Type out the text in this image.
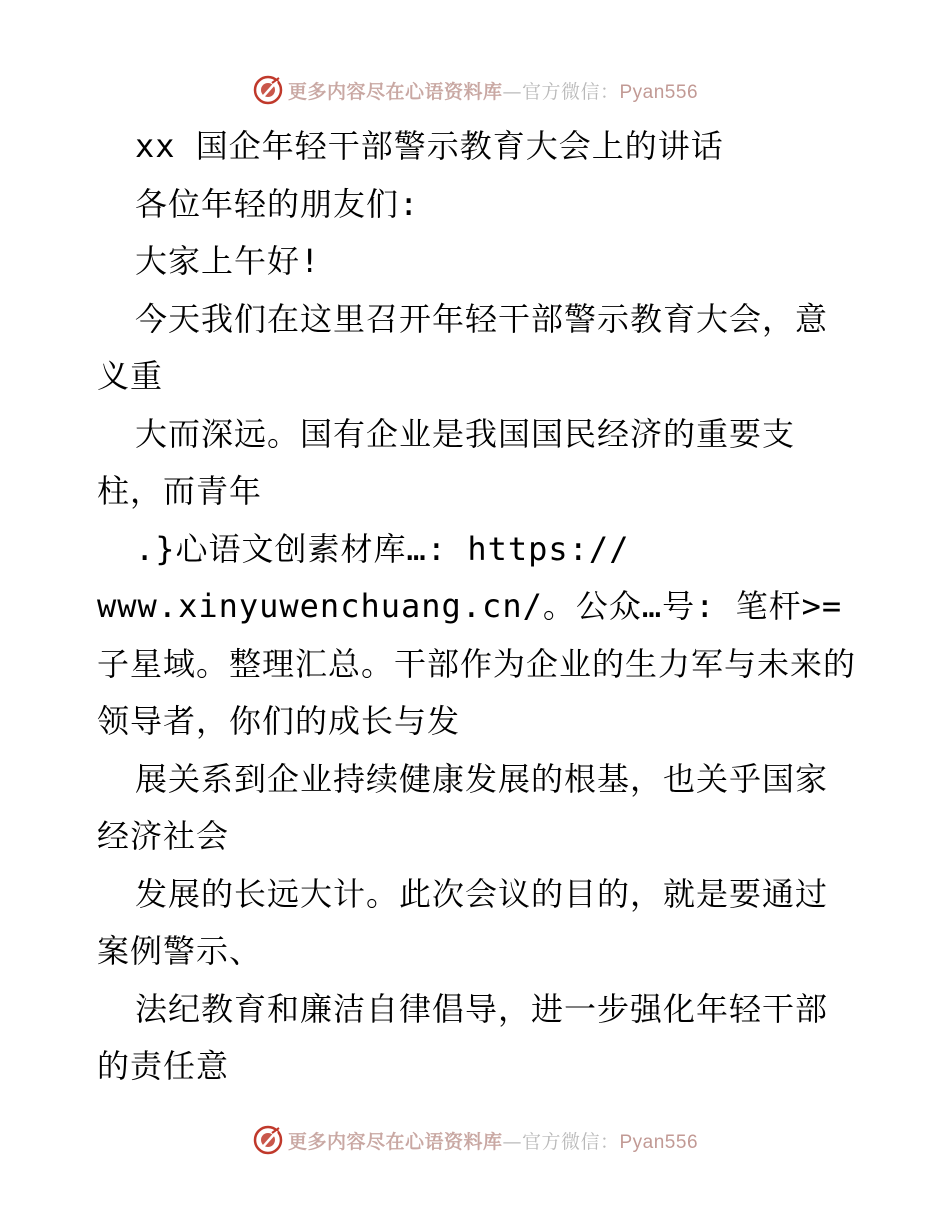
更多内容尽在心语资料库—官方微信：Pyan556

xx 国企年轻干部警示教育大会上的讲话

各位年轻的朋友们:

大家上午好!

今天我们在这里召开年轻干部警示教育大会，意义重

大而深远。国有企业是我国国民经济的重要支柱，而青年

.}心语文创素材库…: https://

www.xinyuwenchuang.cn/。公众…号: 笔杆>=子星域。整理汇总。干部作为企业的生力军与未来的领导者，你们的成长与发

展关系到企业持续健康发展的根基，也关乎国家经济社会

发展的长远大计。此次会议的目的，就是要通过案例警示、

法纪教育和廉洁自律倡导，进一步强化年轻干部的责任意

更多内容尽在心语资料库—官方微信：Pyan556
